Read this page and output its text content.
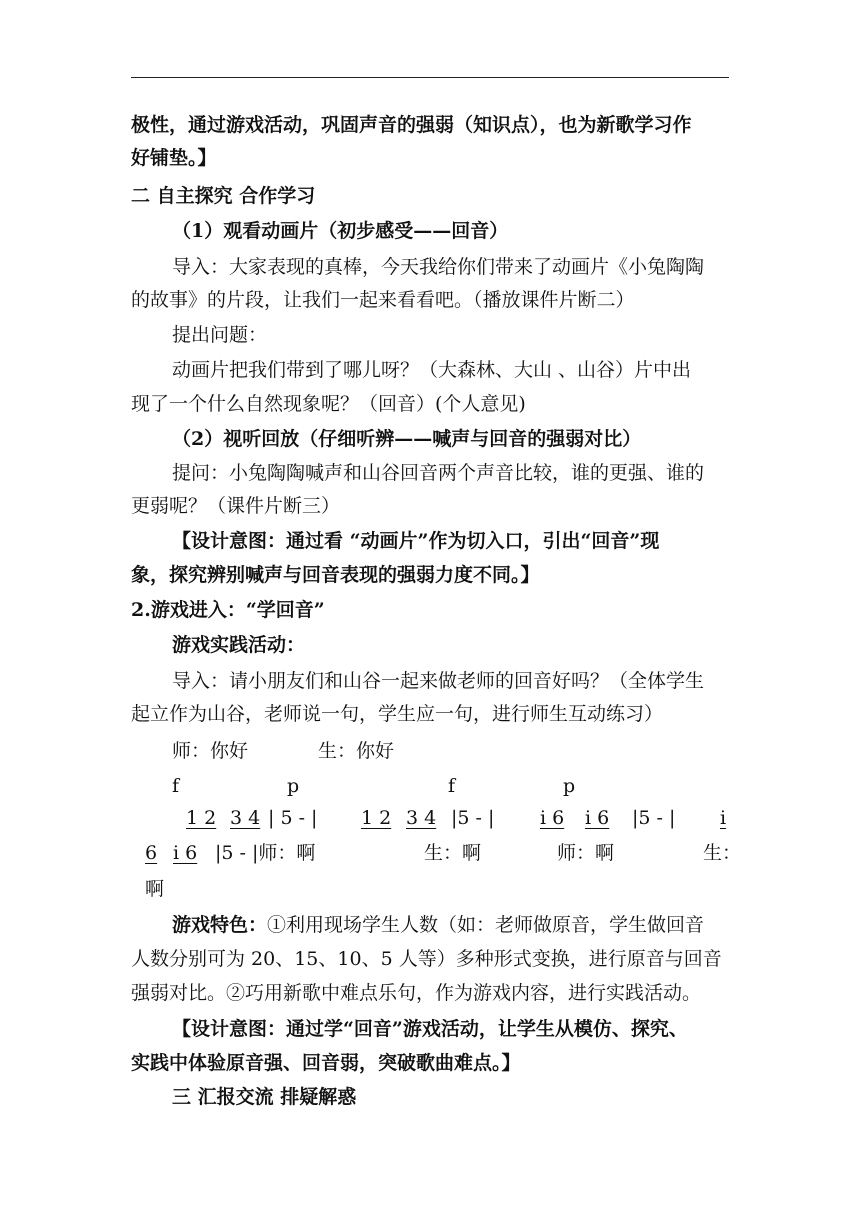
极性，通过游戏活动，巩固声音的强弱（知识点），也为新歌学习作
好铺垫。】
二 自主探究 合作学习
（1）观看动画片（初步感受——回音）
导入：大家表现的真棒，今天我给你们带来了动画片《小兔陶陶
的故事》的片段，让我们一起来看看吧。（播放课件片断二）
提出问题：
动画片把我们带到了哪儿呀？（大森林、大山 、山谷）片中出
现了一个什么自然现象呢？（回音）(个人意见)
（2）视听回放（仔细听辨——喊声与回音的强弱对比）
提问：小兔陶陶喊声和山谷回音两个声音比较，谁的更强、谁的
更弱呢？（课件片断三）
【设计意图：通过看 “动画片”作为切入口，引出“回音”现
象，探究辨别喊声与回音表现的强弱力度不同。】
2.游戏进入：“学回音”
游戏实践活动：
导入：请小朋友们和山谷一起来做老师的回音好吗？（全体学生
起立作为山谷，老师说一句，学生应一句，进行师生互动练习）
师：你好	生：你好
f	p	f	p
1 2 3 4 | 5 - | 1 2 3 4 |5 - | i 6 i 6 |5 - | i
6 i 6 |5 - |师：啊	生：啊	师：啊	生：
啊
游戏特色：①利用现场学生人数（如：老师做原音，学生做回音
人数分别可为 20、15、10、5 人等）多种形式变换，进行原音与回音
强弱对比。②巧用新歌中难点乐句，作为游戏内容，进行实践活动。
【设计意图：通过学“回音”游戏活动，让学生从模仿、探究、
实践中体验原音强、回音弱，突破歌曲难点。】
三 汇报交流 排疑解惑
